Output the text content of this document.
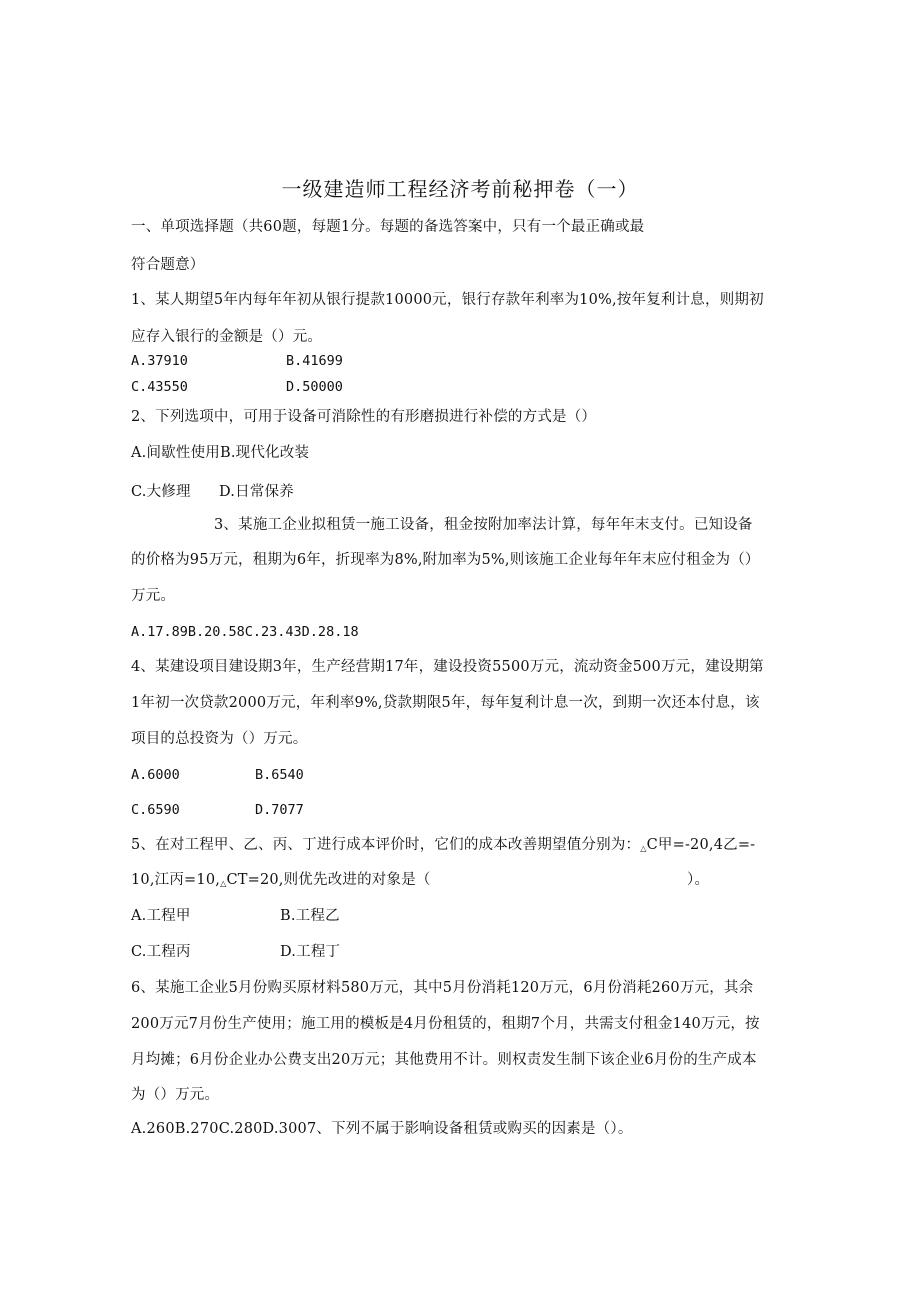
一级建造师工程经济考前秘押卷（一）
一、单项选择题（共60题，每题1分。每题的备选答案中，只有一个最正确或最
符合题意）
1、某人期望5年内每年年初从银行提款10000元，银行存款年利率为10%,按年复利计息，则期初
应存入银行的金额是（）元。
A.37910	B.41699
C.43550	D.50000
2、下列选项中，可用于设备可消除性的有形磨损进行补偿的方式是（）
A.间歇性使用B.现代化改装
C.大修理 D.日常保养
3、某施工企业拟租赁一施工设备，租金按附加率法计算，每年年末支付。已知设备
的价格为95万元，租期为6年，折现率为8%,附加率为5%,则该施工企业每年年末应付租金为（）
万元。
A.17.89B.20.58C.23.43D.28.18
4、某建设项目建设期3年，生产经营期17年，建设投资5500万元，流动资金500万元，建设期第
1年初一次贷款2000万元，年利率9%,贷款期限5年，每年复利计息一次，到期一次还本付息，该
项目的总投资为（）万元。
A.6000	B.6540
C.6590	D.7077
5、在对工程甲、乙、丙、丁进行成本评价时，它们的成本改善期望值分别为：$_\triangle$C甲=-20,4乙=-
10,江丙$=10,_\triangle CT=20$,则优先改进的对象是（	）。
A.工程甲	B.工程乙
C.工程丙	D.工程丁
6、某施工企业5月份购买原材料580万元，其中5月份消耗120万元，6月份消耗260万元，其余
200万元7月份生产使用；施工用的模板是4月份租赁的，租期7个月，共需支付租金140万元，按
月均摊；6月份企业办公费支出20万元；其他费用不计。则权责发生制下该企业6月份的生产成本
为（）万元。
A.260B.270C.280D.3007、下列不属于影响设备租赁或购买的因素是（）。
